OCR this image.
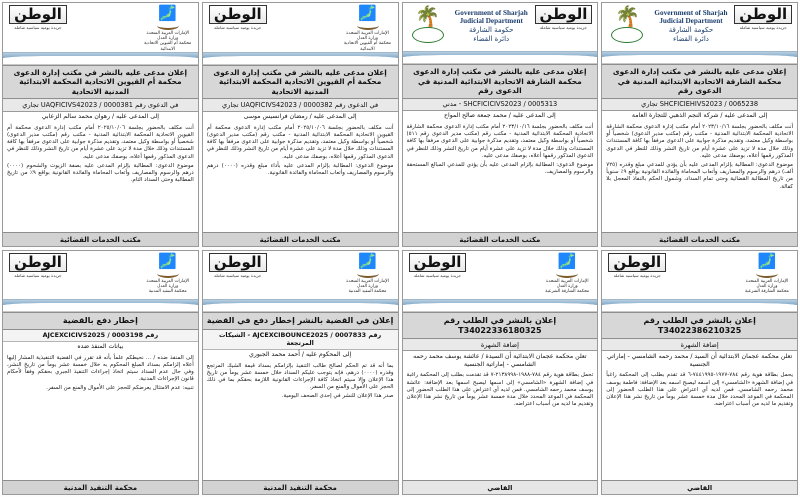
الوطن
جريدة يومية سياسية شاملة
🗾
الإمارات العربية المتحدة
وزارة العدل
محكمة أم القيوين الاتحادية الابتدائية
إعلان مدعى عليه بالنشر في مكتب إدارة الدعوى محكمة أم القيوين الاتحادية المحكمة الابتدائية المدنية الاتحادية
في الدعوى رقم UAQFICIVS42023 / 0000381 تجاري
إلى المدعى عليه / رهوان محمد سالم الزعابي

أنت مكلف بالحضور بجلسة ٢٠٢٥/١٠/٠٦ أمام مكتب إدارة الدعوى محكمة أم القيوين الاتحادية المحكمة الابتدائية المدنية - مكتب رقم (مكتب مدير الدعوى) شخصياً أو بواسطة وكيل معتمد، وتقديم مذكرة جوابية على الدعوى مرفقاً بها كافة المستندات وذلك خلال مدة لا تزيد على عشرة أيام من تاريخ النشر وذلك للنظر في الدعوى المذكور رقمها أعلاه، بوصفك مدعى عليه.

موضوع الدعوى: المطالبة بإلزام المدعى عليه بصفة الزيوت والشحوم (٠٠٠٠) درهم والرسوم والمصاريف وأتعاب المحاماة والفائدة القانونية بواقع ٩٪ من تاريخ المطالبة وحتى السداد التام.

مكتب الخدمات القضائية
الوطن
جريدة يومية سياسية شاملة
🗾
الإمارات العربية المتحدة
وزارة العدل
محكمة أم القيوين الاتحادية الابتدائية
إعلان مدعى عليه بالنشر في مكتب إدارة الدعوى محكمة أم القيوين الاتحادية المحكمة الابتدائية المدنية الاتحادية
في الدعوى رقم UAQFICIVS42023 / 0000382 تجاري
إلى المدعى عليه / رمضان فرانسيس موسى

أنت مكلف بالحضور بجلسة ٢٠٢٥/١٠/٠٦ أمام مكتب إدارة الدعوى محكمة أم القيوين الاتحادية المحكمة الابتدائية المدنية - مكتب رقم (مكتب مدير الدعوى) شخصياً أو بواسطة وكيل معتمد، وتقديم مذكرة جوابية على الدعوى مرفقاً بها كافة المستندات وذلك خلال مدة لا تزيد على عشرة أيام من تاريخ النشر وذلك للنظر في الدعوى المذكور رقمها أعلاه، بوصفك مدعى عليه.

موضوع الدعوى: المطالبة بإلزام المدعى عليه بأداء مبلغ وقدره (٠٠٠٠) درهم والرسوم والمصاريف وأتعاب المحاماة والفائدة القانونية.

مكتب الخدمات القضائية
🌴	Government of Sharjah
Judicial Department
حكومة الشارقة
دائرة القضاء
الوطن
جريدة يومية سياسية شاملة
إعلان مدعى عليه بالنشر في مكتب إدارة الدعوى محكمة الشارقة الاتحادية الابتدائية المدنية في الدعوى رقم
SHCFICICIVS2023 / 0005313 - مدني
إلى المدعى عليه / محمد جمعة صالح المواح

أنت مكلف بالحضور بجلسة ٢٠٢٣/١٠/١٦ أمام مكتب إدارة الدعوى محكمة الشارقة الاتحادية المحكمة الابتدائية المدنية - مكتب رقم (مكتب مدير الدعوى رقم ٥١١) شخصياً أو بواسطة وكيل معتمد، وتقديم مذكرة جوابية على الدعوى مرفقاً بها كافة المستندات وذلك خلال مدة لا تزيد على عشرة أيام من تاريخ النشر وذلك للنظر في الدعوى المذكور رقمها أعلاه، بوصفك مدعى عليه.

موضوع الدعوى: المطالبة بإلزام المدعى عليه بأن يؤدي للمدعي المبالغ المستحقة والرسوم والمصاريف.

مكتب الخدمات القضائية
🌴	Government of Sharjah
Judicial Department
حكومة الشارقة
دائرة القضاء
الوطن
جريدة يومية سياسية شاملة
إعلان مدعى عليه بالنشر في مكتب إدارة الدعوى محكمة الشارقة الاتحادية الابتدائية المدنية في الدعوى رقم
SHCFICIEHIVS2023 / 0065238 تجاري
إلى المدعى عليه / شركة النجم الذهبي للتجارة العامة

أنت مكلف بالحضور بجلسة ٢٠٢٣/١٠/١٦ أمام مكتب إدارة الدعوى محكمة الشارقة الاتحادية المحكمة الابتدائية المدنية - مكتب رقم (مكتب مدير الدعوى) شخصياً أو بواسطة وكيل معتمد، وتقديم مذكرة جوابية على الدعوى مرفقاً بها كافة المستندات وذلك خلال مدة لا تزيد على عشرة أيام من تاريخ النشر وذلك للنظر في الدعوى المذكور رقمها أعلاه، بوصفك مدعى عليه.

موضوع الدعوى: المطالبة بإلزام المدعى عليه بأن يؤدي للمدعي مبلغ وقدره (٧٢٥ ألف) درهم والرسوم والمصاريف وأتعاب المحاماة والفائدة القانونية بواقع ٩٪ سنوياً من تاريخ المطالبة القضائية وحتى تمام السداد، وشمول الحكم بالنفاذ المعجل بلا كفالة.

مكتب الخدمات القضائية
الوطن
جريدة يومية سياسية شاملة
🗾
الإمارات العربية المتحدة
وزارة العدل
محكمة التنفيذ المدنية
إخطار دفع بالقضية
رقم AJCEXCICIVS2025 / 0003198
بيانات المنفذ ضده

إلى المنفذ ضده / ... نحيطكم علماً بأنه قد تقرر في القضية التنفيذية المشار إليها أعلاه إلزامكم بسداد المبلغ المحكوم به خلال خمسة عشر يوماً من تاريخ النشر، وفي حال عدم السداد سيتم اتخاذ إجراءات التنفيذ الجبري بحقكم وفقاً لأحكام قانون الإجراءات المدنية.

تنبيه: عدم الامتثال يعرضكم للحجز على الأموال والمنع من السفر.

محكمة التنفيذ المدنية
الوطن
جريدة يومية سياسية شاملة
🗾
الإمارات العربية المتحدة
وزارة العدل
محكمة التنفيذ المدنية
إعلان في القضية بالنشر إخطار دفع في القضية
رقم AJCEXCIBOUNCE2025 / 0007833 - الشيكات المرتجعة
إلى المحكوم عليه / أحمد محمد الجبوري

بما أنه قد تم الحكم لصالح طالب التنفيذ بإلزامكم بسداد قيمة الشيك المرتجع وقدره (٠٠٠٠) درهم، فإنه يتوجب عليكم السداد خلال خمسة عشر يوماً من تاريخ هذا الإعلان وإلا سيتم اتخاذ كافة الإجراءات القانونية اللازمة بحقكم بما في ذلك الحجز على الأموال والمنع من السفر.

صدر هذا الإعلان للنشر في إحدى الصحف اليومية.

محكمة التنفيذ المدنية
الوطن
جريدة يومية سياسية شاملة
🗾
الإمارات العربية المتحدة
وزارة العدل
محكمة الشارقة الشرعية
إعلان بالنشر في الطلب رقم T34022336180325
إضافة الشهرة
تعلن محكمة عجمان الابتدائية أن السيدة / عائشة يوسف محمد رحمه الشامسي - إماراتية الجنسية

تحمل بطاقة هوية رقم ٧٨٤-١٩٨٨-٢١٣٨٩٩٨-٧ قد تقدمت بطلب إلى المحكمة راغبة في إضافة الشهرة «الشامسي» إلى اسمها ليصبح اسمها بعد الإضافة: عائشة يوسف محمد رحمه الشامسي. فمن لديه أي اعتراض على هذا الطلب الحضور إلى المحكمة في الموعد المحدد خلال مدة خمسة عشر يوماً من تاريخ نشر هذا الإعلان وتقديم ما لديه من أسباب اعتراضه.

القاضي
الوطن
جريدة يومية سياسية شاملة
🗾
الإمارات العربية المتحدة
وزارة العدل
محكمة الشارقة الشرعية
إعلان بالنشر في الطلب رقم T34022386210325
إضافة الشهرة
تعلن محكمة عجمان الابتدائية أن السيد / محمد رحمه الشامسي - إماراتي الجنسية

يحمل بطاقة هوية رقم ٧٨٤-١٩٧٧-٧٤٤١٩٩٥-٦ قد تقدم بطلب إلى المحكمة راغباً في إضافة الشهرة «الشامسي» إلى اسمه ليصبح اسمه بعد الإضافة: فاطمة يوسف محمد رحمه الشامسي. فمن لديه أي اعتراض على هذا الطلب الحضور إلى المحكمة في الموعد المحدد خلال مدة خمسة عشر يوماً من تاريخ نشر هذا الإعلان وتقديم ما لديه من أسباب اعتراضه.

القاضي
